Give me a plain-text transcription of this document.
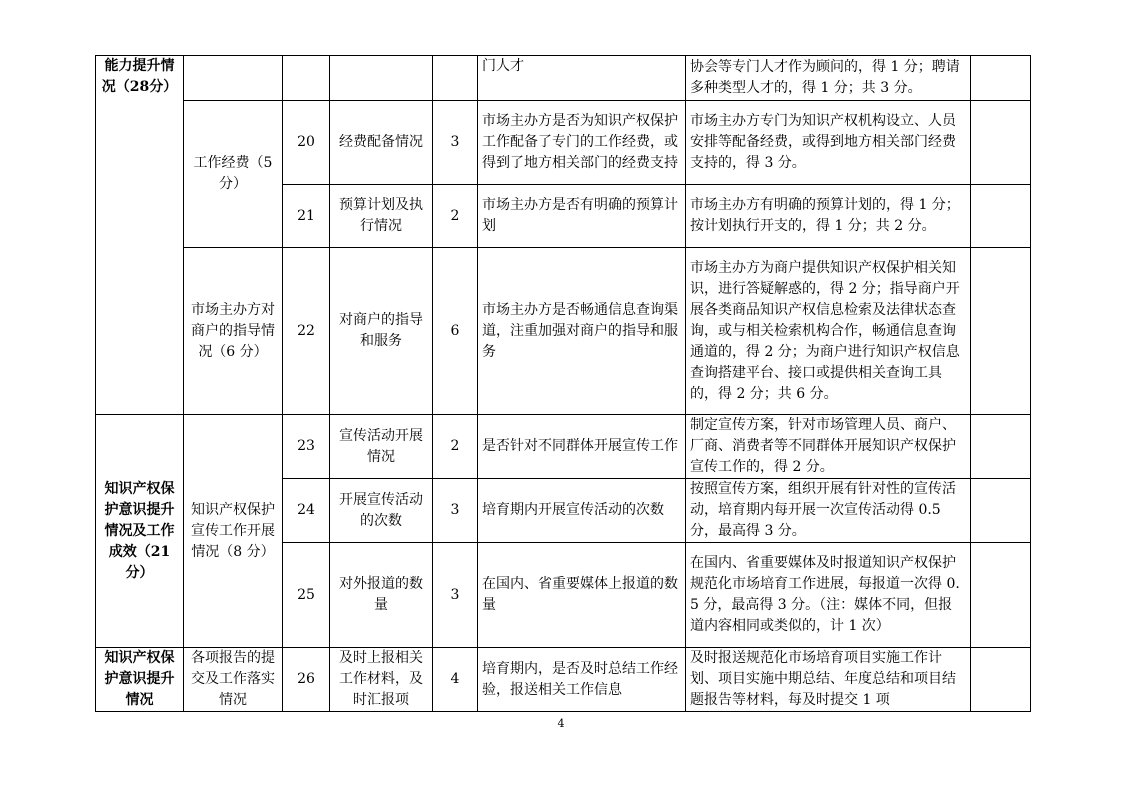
能力提升情况（28分）					门人才	协会等专门人才作为顾问的，得 1 分；聘请多种类型人才的，得 1 分；共 3 分。	
	工作经费（5 分）	20	经费配备情况	3	市场主办方是否为知识产权保护工作配备了专门的工作经费，或得到了地方相关部门的经费支持	市场主办方专门为知识产权机构设立、人员安排等配备经费，或得到地方相关部门经费支持的，得 3 分。	
		21	预算计划及执行情况	2	市场主办方是否有明确的预算计划	市场主办方有明确的预算计划的，得 1 分；按计划执行开支的，得 1 分；共 2 分。	
	市场主办方对商户的指导情况（6 分）	22	对商户的指导和服务	6	市场主办方是否畅通信息查询渠道，注重加强对商户的指导和服务	市场主办方为商户提供知识产权保护相关知识，进行答疑解惑的，得 2 分；指导商户开展各类商品知识产权信息检索及法律状态查询，或与相关检索机构合作，畅通信息查询通道的，得 2 分；为商户进行知识产权信息查询搭建平台、接口或提供相关查询工具的，得 2 分；共 6 分。	

知识产权保护意识提升情况及工作成效（21分）	知识产权保护宣传工作开展情况（8 分）	23	宣传活动开展情况	2	是否针对不同群体开展宣传工作	制定宣传方案，针对市场管理人员、商户、厂商、消费者等不同群体开展知识产权保护宣传工作的，得 2 分。	
		24	开展宣传活动的次数	3	培育期内开展宣传活动的次数	按照宣传方案，组织开展有针对性的宣传活动，培育期内每开展一次宣传活动得 0.5 分，最高得 3 分。	
		25	对外报道的数量	3	在国内、省重要媒体上报道的数量	在国内、省重要媒体及时报道知识产权保护规范化市场培育工作进展，每报道一次得 0.5 分，最高得 3 分。（注：媒体不同，但报道内容相同或类似的，计 1 次）	

知识产权保护意识提升情况	各项报告的提交及工作落实情况	26	及时上报相关工作材料，及时汇报项	4	培育期内，是否及时总结工作经验，报送相关工作信息	及时报送规范化市场培育项目实施工作计划、项目实施中期总结、年度总结和项目结题报告等材料，每及时提交 1 项	
4
